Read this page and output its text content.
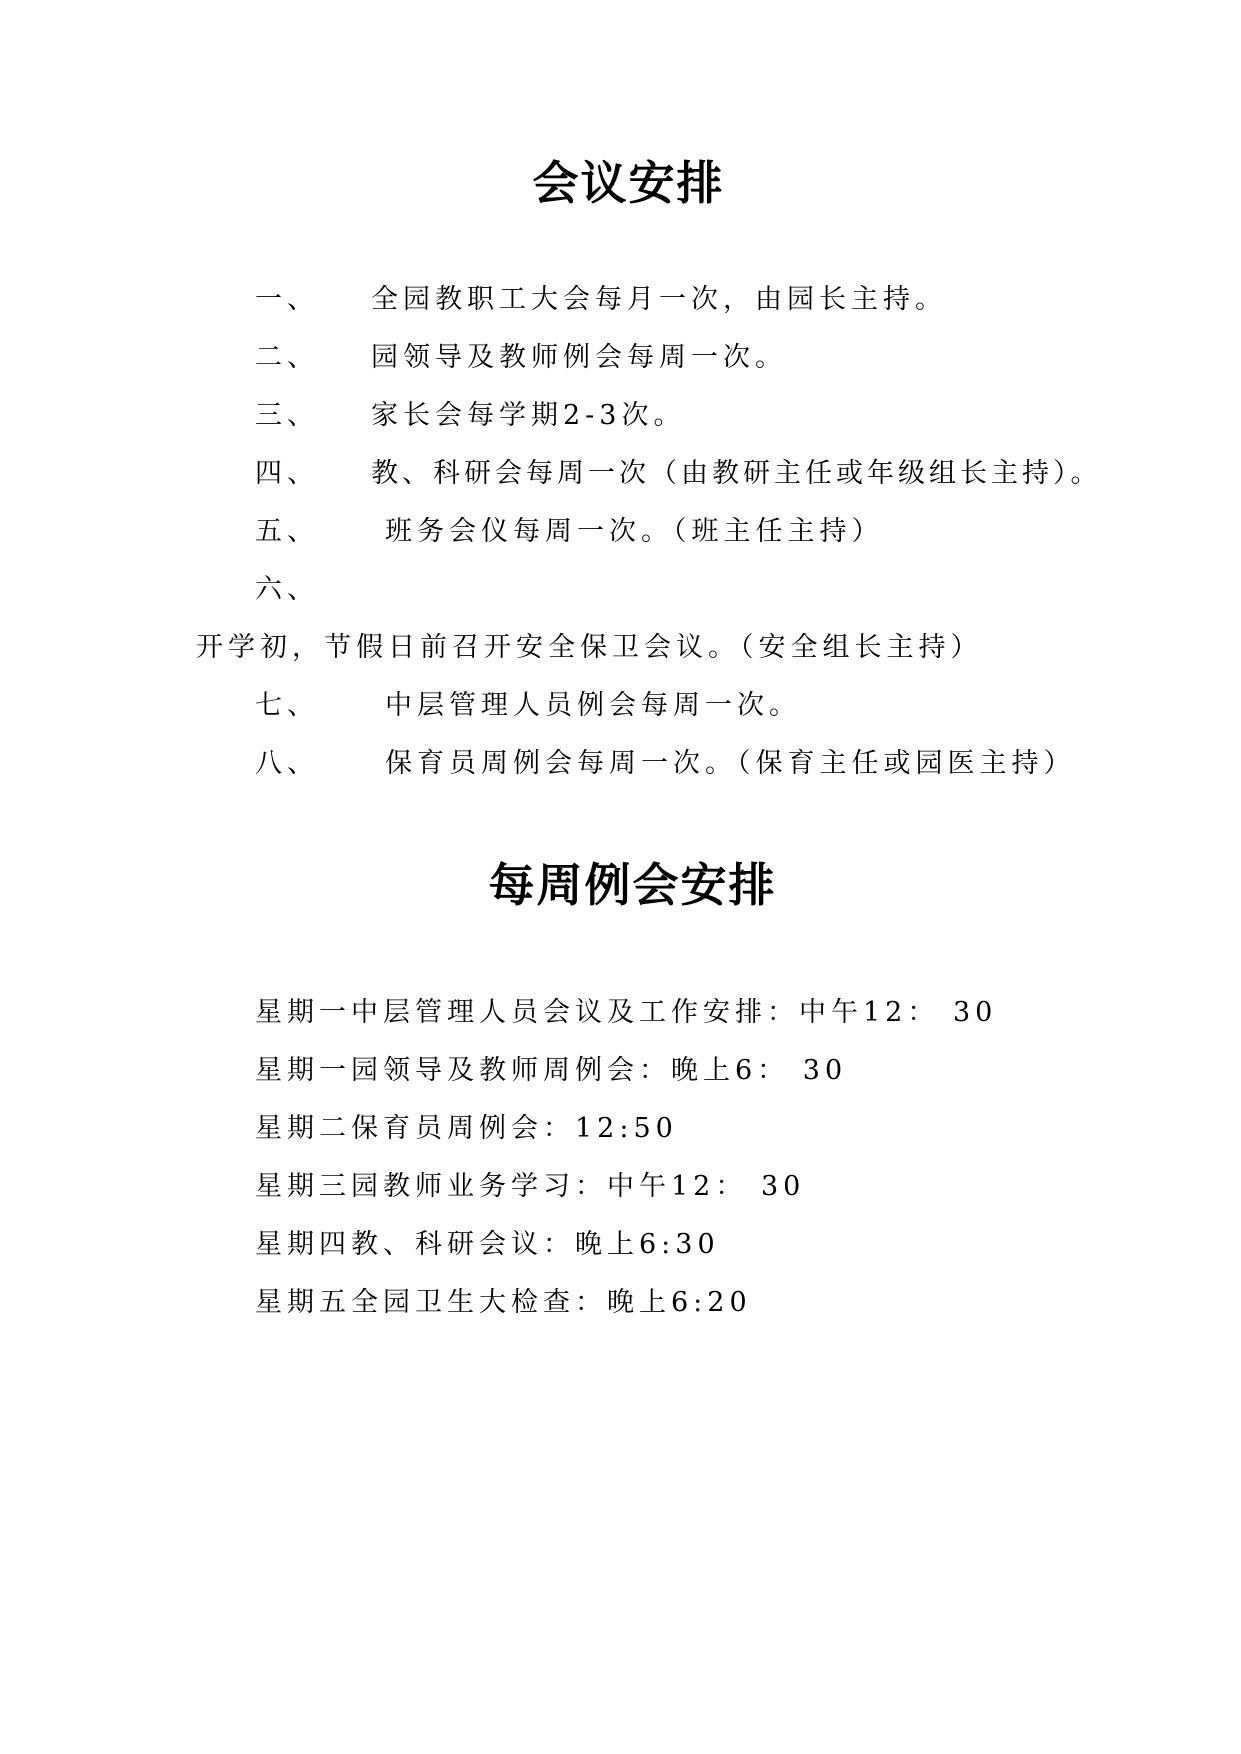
会议安排
一、 全园教职工大会每月一次，由园长主持。
二、 园领导及教师例会每周一次。
三、 家长会每学期2-3次。
四、 教、科研会每周一次（由教研主任或年级组长主持）。
五、 班务会仪每周一次。（班主任主持）
六、
开学初，节假日前召开安全保卫会议。（安全组长主持）
七、 中层管理人员例会每周一次。
八、 保育员周例会每周一次。（保育主任或园医主持）
每周例会安排
星期一中层管理人员会议及工作安排：中午12： 30
星期一园领导及教师周例会：晚上6： 30
星期二保育员周例会：12:50
星期三园教师业务学习：中午12： 30
星期四教、科研会议：晚上6:30
星期五全园卫生大检查：晚上6:20
